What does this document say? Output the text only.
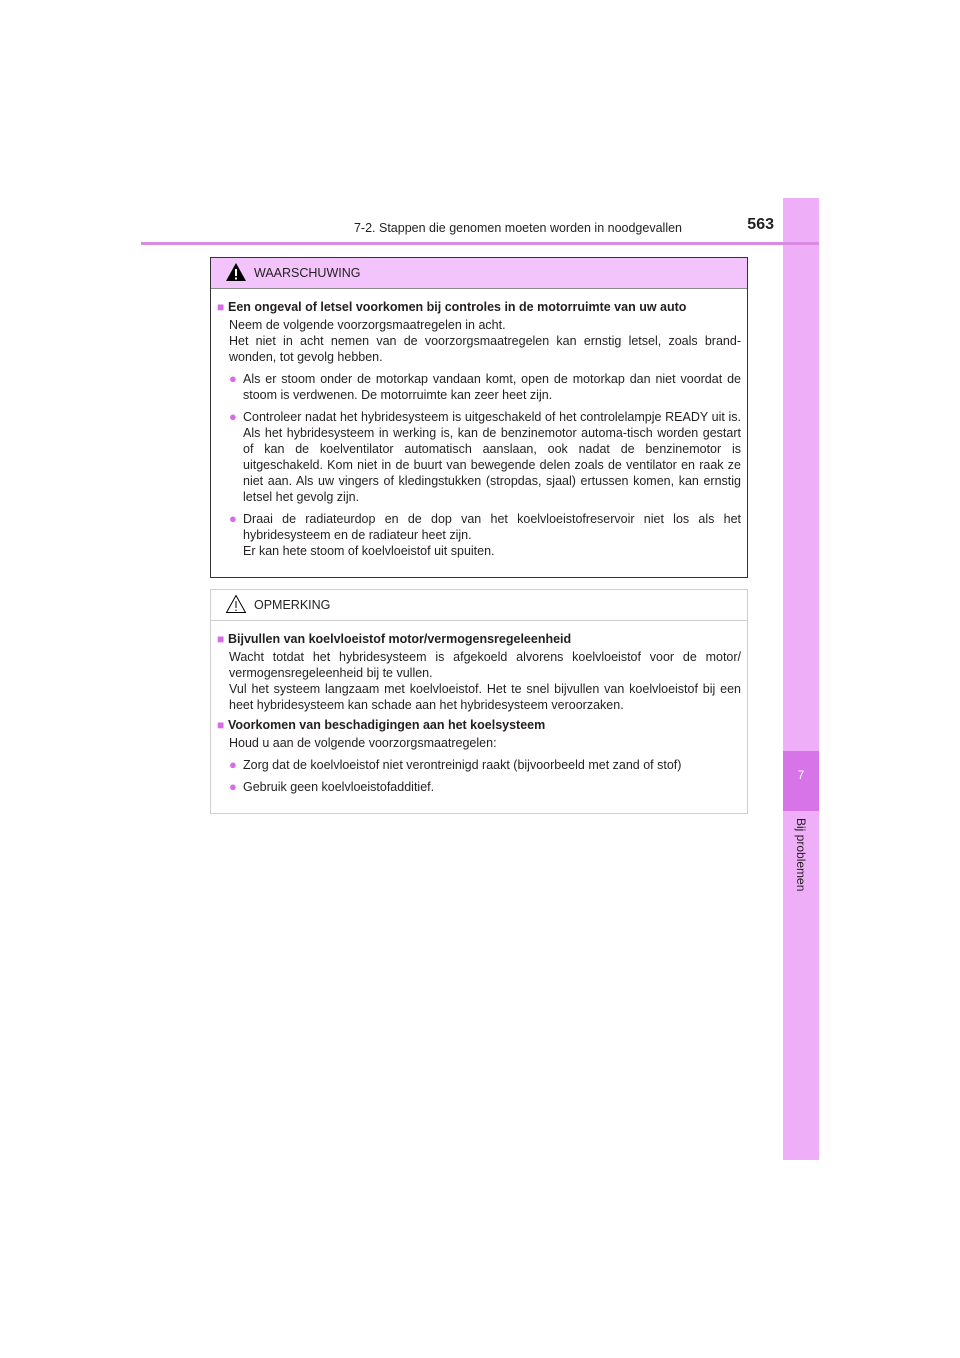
7
Bij problemen
7-2. Stappen die genomen moeten worden in noodgevallen	563
WAARSCHUWING
■ Een ongeval of letsel voorkomen bij controles in de motorruimte van uw auto
Neem de volgende voorzorgsmaatregelen in acht.
Het niet in acht nemen van de voorzorgsmaatregelen kan ernstig letsel, zoals brand-wonden, tot gevolg hebben.
● Als er stoom onder de motorkap vandaan komt, open de motorkap dan niet voordat de stoom is verdwenen. De motorruimte kan zeer heet zijn.
● Controleer nadat het hybridesysteem is uitgeschakeld of het controlelampje READY uit is. Als het hybridesysteem in werking is, kan de benzinemotor automa-tisch worden gestart of kan de koelventilator automatisch aanslaan, ook nadat de benzinemotor is uitgeschakeld. Kom niet in de buurt van bewegende delen zoals de ventilator en raak ze niet aan. Als uw vingers of kledingstukken (stropdas, sjaal) ertussen komen, kan ernstig letsel het gevolg zijn.
● Draai de radiateurdop en de dop van het koelvloeistofreservoir niet los als het hybridesysteem en de radiateur heet zijn.
Er kan hete stoom of koelvloeistof uit spuiten.
OPMERKING
■ Bijvullen van koelvloeistof motor/vermogensregeleenheid
Wacht totdat het hybridesysteem is afgekoeld alvorens koelvloeistof voor de motor/ vermogensregeleenheid bij te vullen.
Vul het systeem langzaam met koelvloeistof. Het te snel bijvullen van koelvloeistof bij een heet hybridesysteem kan schade aan het hybridesysteem veroorzaken.
■ Voorkomen van beschadigingen aan het koelsysteem
Houd u aan de volgende voorzorgsmaatregelen:
● Zorg dat de koelvloeistof niet verontreinigd raakt (bijvoorbeeld met zand of stof)
● Gebruik geen koelvloeistofadditief.
